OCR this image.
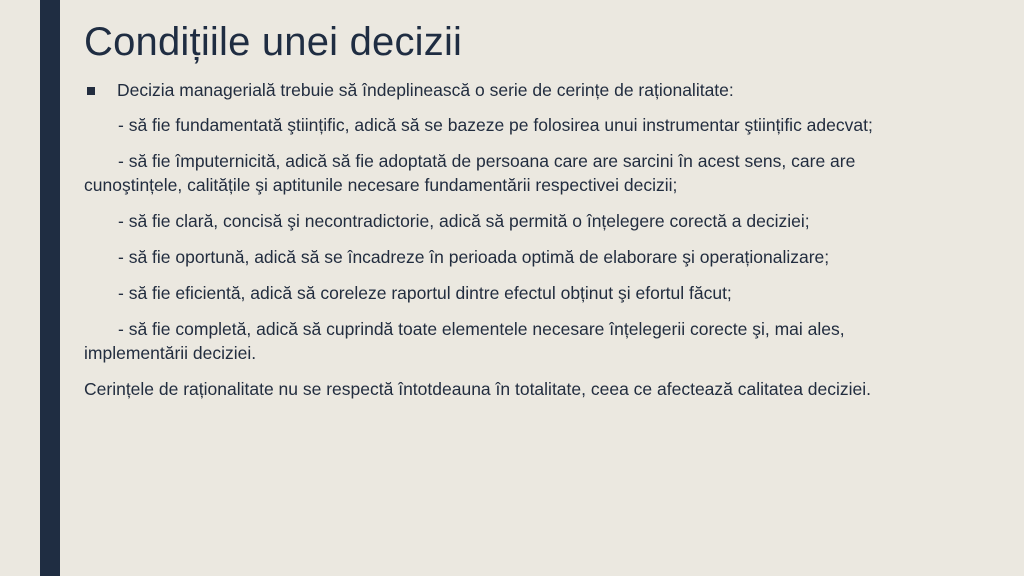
Condițiile unei decizii
Decizia managerială trebuie să îndeplinească o serie de cerințe de raționalitate:

- să fie fundamentată ştiințific, adică să se bazeze pe folosirea unui instrumentar ştiințific adecvat;

- să fie împuternicită, adică să fie adoptată de persoana care are sarcini în acest sens, care are cunoştințele, calitățile şi aptitunile necesare fundamentării respectivei decizii;

- să fie clară, concisă şi necontradictorie, adică să permită o înțelegere corectă a deciziei;

- să fie oportună, adică să se încadreze în perioada optimă de elaborare şi operaționalizare;

- să fie eficientă, adică să coreleze raportul dintre efectul obținut şi efortul făcut;

- să fie completă, adică să cuprindă toate elementele necesare înțelegerii corecte şi, mai ales, implementării deciziei.

Cerințele de raționalitate nu se respectă întotdeauna în totalitate, ceea ce afectează calitatea deciziei.
